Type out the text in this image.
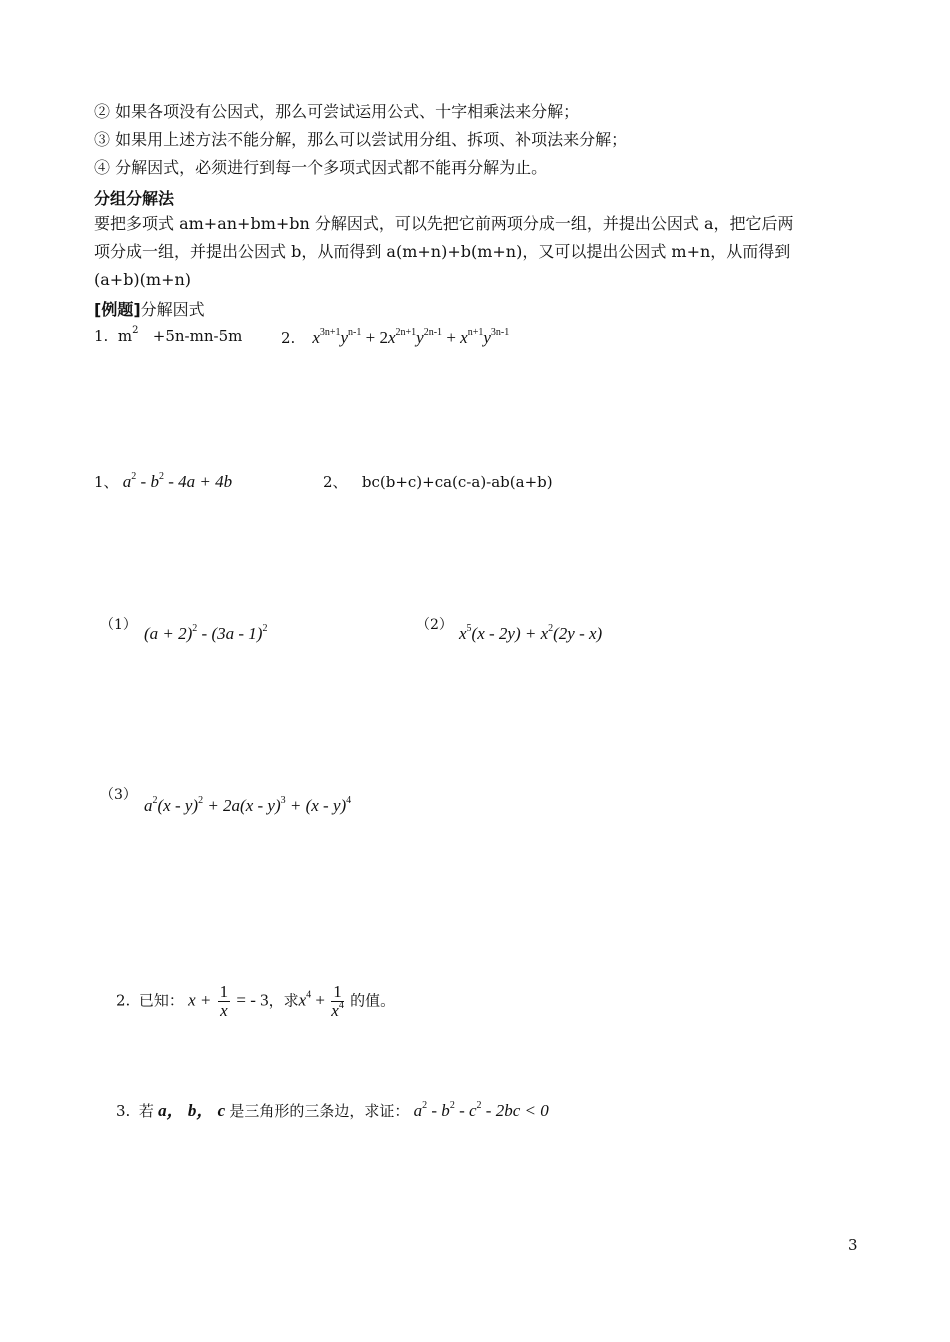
② 如果各项没有公因式，那么可尝试运用公式、十字相乘法来分解；
③ 如果用上述方法不能分解，那么可以尝试用分组、拆项、补项法来分解；
④ 分解因式，必须进行到每一个多项式因式都不能再分解为止。
分组分解法
要把多项式 am+an+bm+bn 分解因式，可以先把它前两项分成一组，并提出公因式 a，把它后两
项分成一组，并提出公因式 b，从而得到 a(m+n)+b(m+n)，又可以提出公因式 m+n，从而得到
(a+b)(m+n)
[例题]分解因式
1. $m^2 +5n-mn-5m$	2. $x^{3n+1}y^{n-1} + 2x^{2n+1}y^{2n-1} + x^{n+1}y^{3n-1}$
1、 $a^2 - b^2 - 4a + 4b$	2、 bc(b+c)+ca(c-a)-ab(a+b)
（1） $(a + 2)^2 - (3a - 1)^2$	（2） $x^5(x - 2y) + x^2(2y - x)$
（3）
$a^2(x - y)^2 + 2a(x - y)^3 + (x - y)^4$
2. 已知： $x + \frac{1}{x}$ = - 3，求$x^4 + \frac{1}{x^4}$ 的值。
3. 若 a， b， c 是三角形的三条边，求证： $a^2 - b^2 - c^2 - 2bc < 0$
3
